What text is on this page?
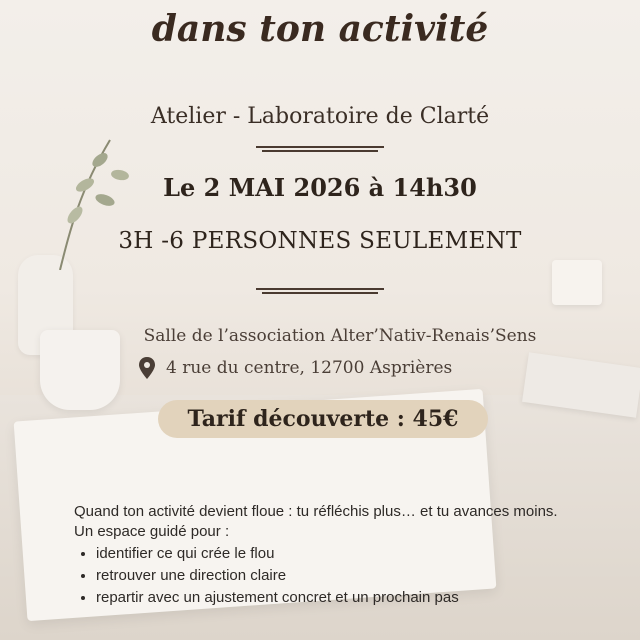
dans ton activité
Atelier - Laboratoire de Clarté
Le 2 MAI 2026 à 14h30
3H -6 PERSONNES SEULEMENT
Salle de l’association Alter’Nativ-Renais’Sens
4 rue du centre, 12700 Asprières
Tarif découverte : 45€

Quand ton activité devient floue : tu réfléchis plus… et tu avances moins.

Un espace guidé pour :

• identifier ce qui crée le flou
• retrouver une direction claire
• repartir avec un ajustement concret et un prochain pas
